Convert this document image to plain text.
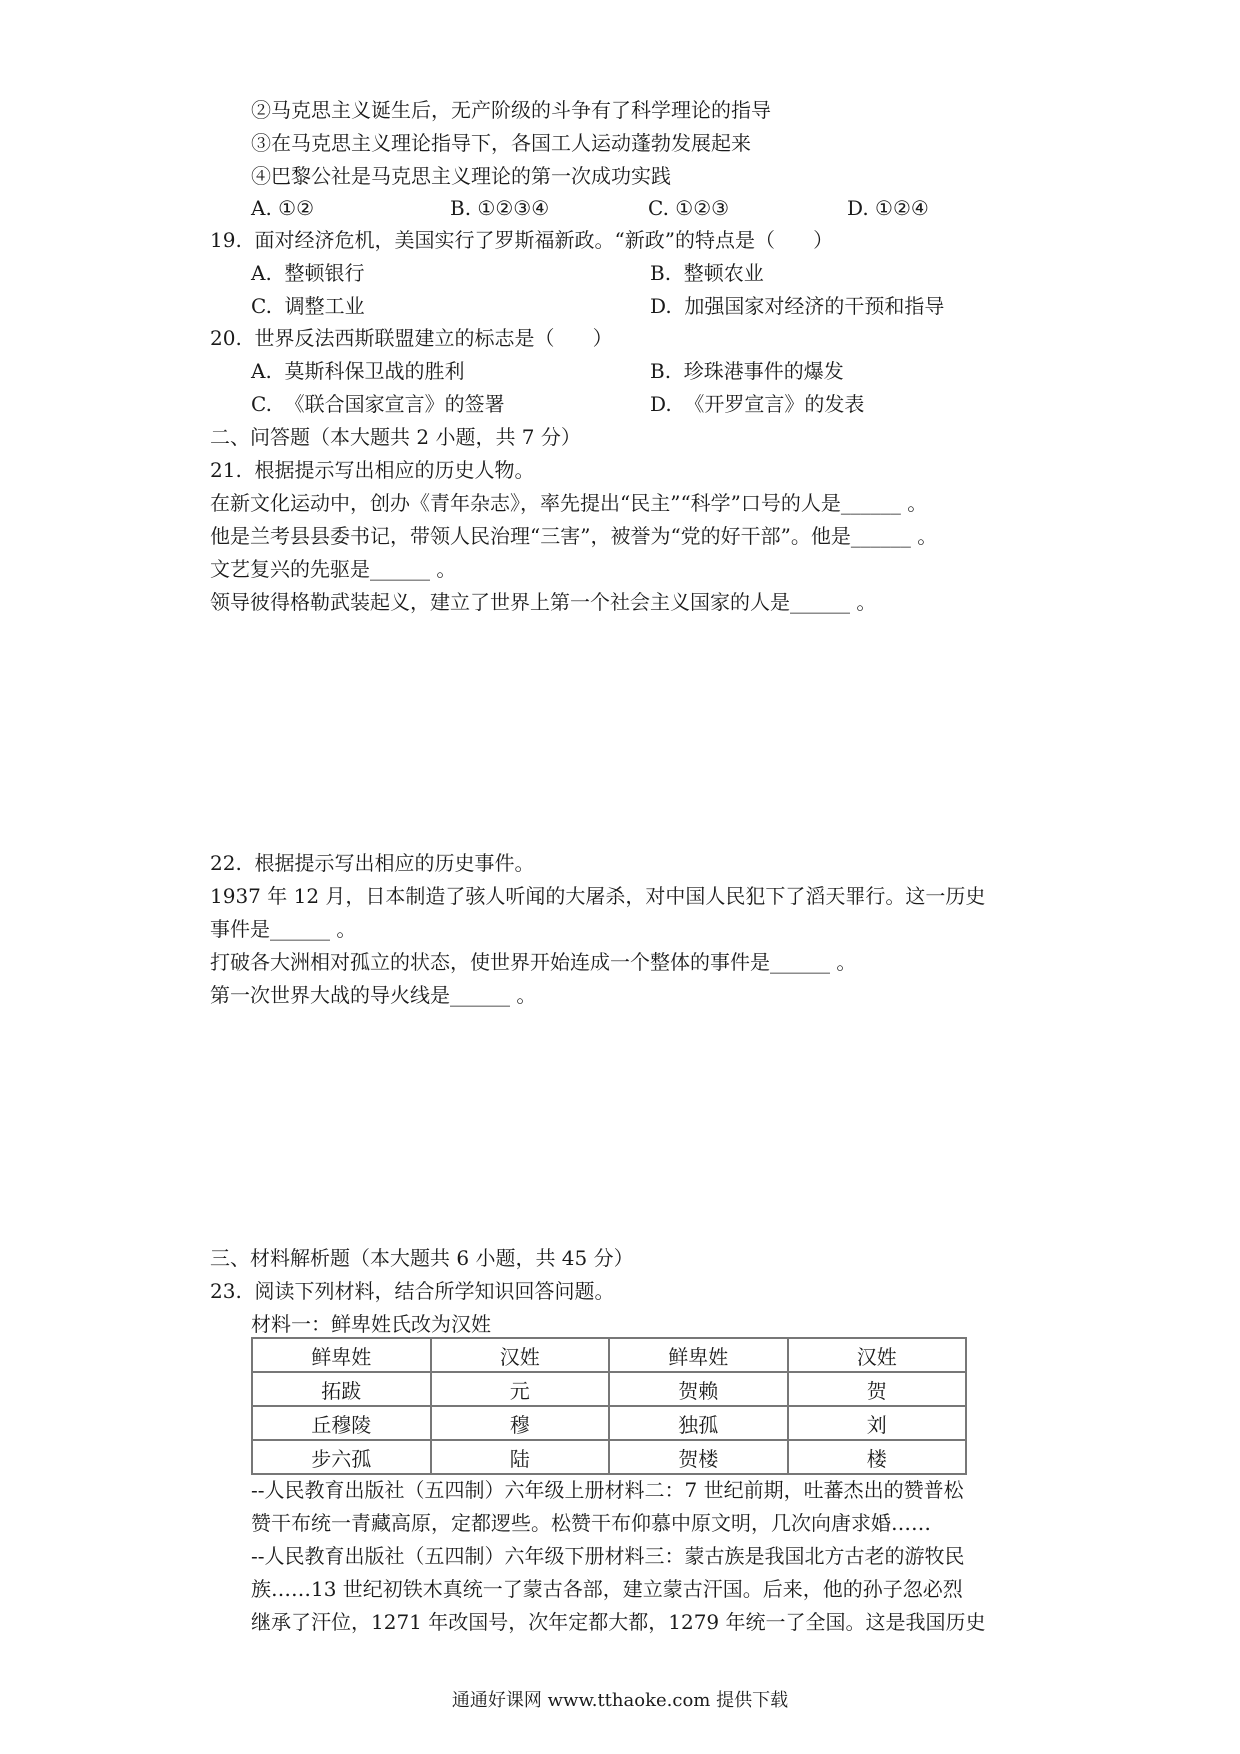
②马克思主义诞生后，无产阶级的斗争有了科学理论的指导
③在马克思主义理论指导下，各国工人运动蓬勃发展起来
④巴黎公社是马克思主义理论的第一次成功实践
A. ①②	B. ①②③④	C. ①②③	D. ①②④
19.  面对经济危机，美国实行了罗斯福新政。“新政”的特点是（      ）
A.  整顿银行	B.  整顿农业
C.  调整工业	D.  加强国家对经济的干预和指导
20.  世界反法西斯联盟建立的标志是（      ）
A.  莫斯科保卫战的胜利	B.  珍珠港事件的爆发
C.  《联合国家宣言》的签署	D.  《开罗宣言》的发表
二、问答题（本大题共 2 小题，共 7 分）
21.  根据提示写出相应的历史人物。
在新文化运动中，创办《青年杂志》，率先提出“民主”“科学”口号的人是______ 。
他是兰考县县委书记，带领人民治理“三害”，被誉为“党的好干部”。他是______ 。
文艺复兴的先驱是______ 。
领导彼得格勒武装起义，建立了世界上第一个社会主义国家的人是______ 。
22.  根据提示写出相应的历史事件。
1937 年 12 月，日本制造了骇人听闻的大屠杀，对中国人民犯下了滔天罪行。这一历史
事件是______ 。
打破各大洲相对孤立的状态，使世界开始连成一个整体的事件是______ 。
第一次世界大战的导火线是______ 。
三、材料解析题（本大题共 6 小题，共 45 分）
23.  阅读下列材料，结合所学知识回答问题。
材料一：鲜卑姓氏改为汉姓
鲜卑姓	汉姓	鲜卑姓	汉姓
拓跋	元	贺赖	贺
丘穆陵	穆	独孤	刘
步六孤	陆	贺楼	楼
--人民教育出版社（五四制）六年级上册材料二：7 世纪前期，吐蕃杰出的赞普松
赞干布统一青藏高原，定都逻些。松赞干布仰慕中原文明，几次向唐求婚……
--人民教育出版社（五四制）六年级下册材料三：蒙古族是我国北方古老的游牧民
族……13 世纪初铁木真统一了蒙古各部，建立蒙古汗国。后来，他的孙子忽必烈
继承了汗位，1271 年改国号，次年定都大都，1279 年统一了全国。这是我国历史
通通好课网 www.tthaoke.com 提供下载
